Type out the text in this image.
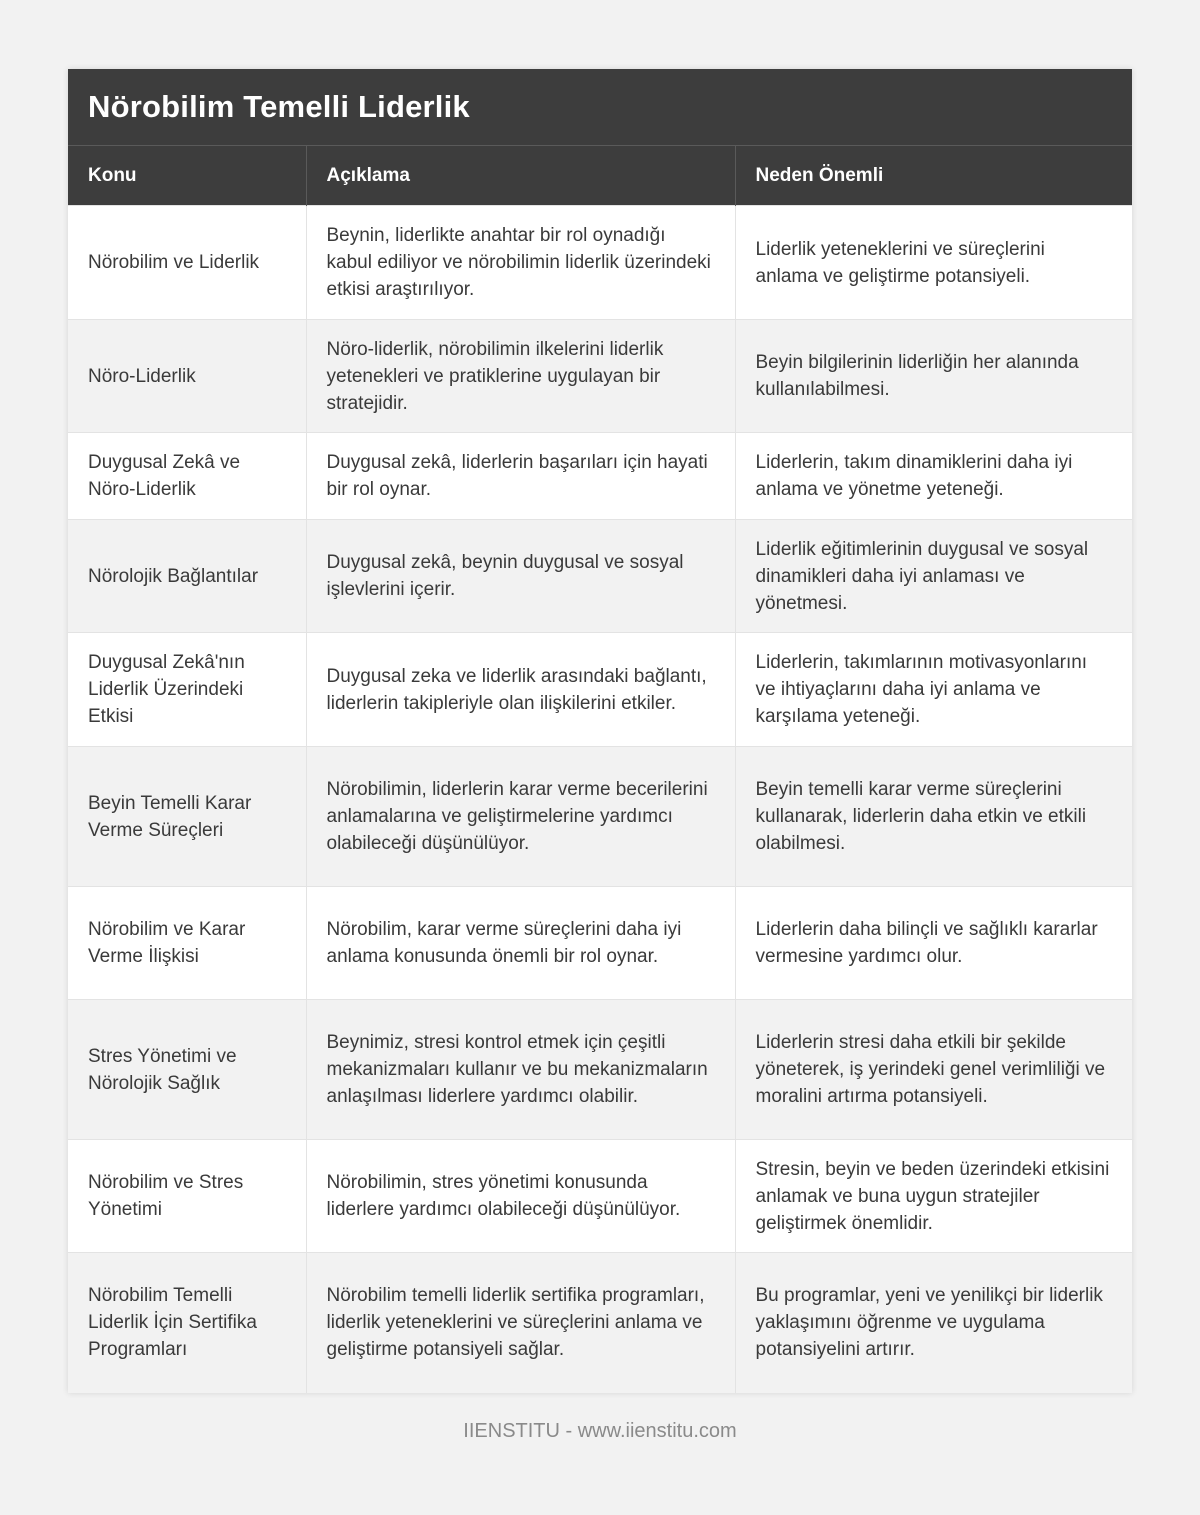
Nörobilim Temelli Liderlik
Konu	Açıklama	Neden Önemli
Nörobilim ve Liderlik	Beynin, liderlikte anahtar bir rol oynadığı kabul ediliyor ve nörobilimin liderlik üzerindeki etkisi araştırılıyor.	Liderlik yeteneklerini ve süreçlerini anlama ve geliştirme potansiyeli.
Nöro-Liderlik	Nöro-liderlik, nörobilimin ilkelerini liderlik yetenekleri ve pratiklerine uygulayan bir stratejidir.	Beyin bilgilerinin liderliğin her alanında kullanılabilmesi.
Duygusal Zekâ ve Nöro-Liderlik	Duygusal zekâ, liderlerin başarıları için hayati bir rol oynar.	Liderlerin, takım dinamiklerini daha iyi anlama ve yönetme yeteneği.
Nörolojik Bağlantılar	Duygusal zekâ, beynin duygusal ve sosyal işlevlerini içerir.	Liderlik eğitimlerinin duygusal ve sosyal dinamikleri daha iyi anlaması ve yönetmesi.
Duygusal Zekâ'nın Liderlik Üzerindeki Etkisi	Duygusal zeka ve liderlik arasındaki bağlantı, liderlerin takipleriyle olan ilişkilerini etkiler.	Liderlerin, takımlarının motivasyonlarını ve ihtiyaçlarını daha iyi anlama ve karşılama yeteneği.
Beyin Temelli Karar Verme Süreçleri	Nörobilimin, liderlerin karar verme becerilerini anlamalarına ve geliştirmelerine yardımcı olabileceği düşünülüyor.	Beyin temelli karar verme süreçlerini kullanarak, liderlerin daha etkin ve etkili olabilmesi.
Nörobilim ve Karar Verme İlişkisi	Nörobilim, karar verme süreçlerini daha iyi anlama konusunda önemli bir rol oynar.	Liderlerin daha bilinçli ve sağlıklı kararlar vermesine yardımcı olur.
Stres Yönetimi ve Nörolojik Sağlık	Beynimiz, stresi kontrol etmek için çeşitli mekanizmaları kullanır ve bu mekanizmaların anlaşılması liderlere yardımcı olabilir.	Liderlerin stresi daha etkili bir şekilde yöneterek, iş yerindeki genel verimliliği ve moralini artırma potansiyeli.
Nörobilim ve Stres Yönetimi	Nörobilimin, stres yönetimi konusunda liderlere yardımcı olabileceği düşünülüyor.	Stresin, beyin ve beden üzerindeki etkisini anlamak ve buna uygun stratejiler geliştirmek önemlidir.
Nörobilim Temelli Liderlik İçin Sertifika Programları	Nörobilim temelli liderlik sertifika programları, liderlik yeteneklerini ve süreçlerini anlama ve geliştirme potansiyeli sağlar.	Bu programlar, yeni ve yenilikçi bir liderlik yaklaşımını öğrenme ve uygulama potansiyelini artırır.
IIENSTITU - www.iienstitu.com
